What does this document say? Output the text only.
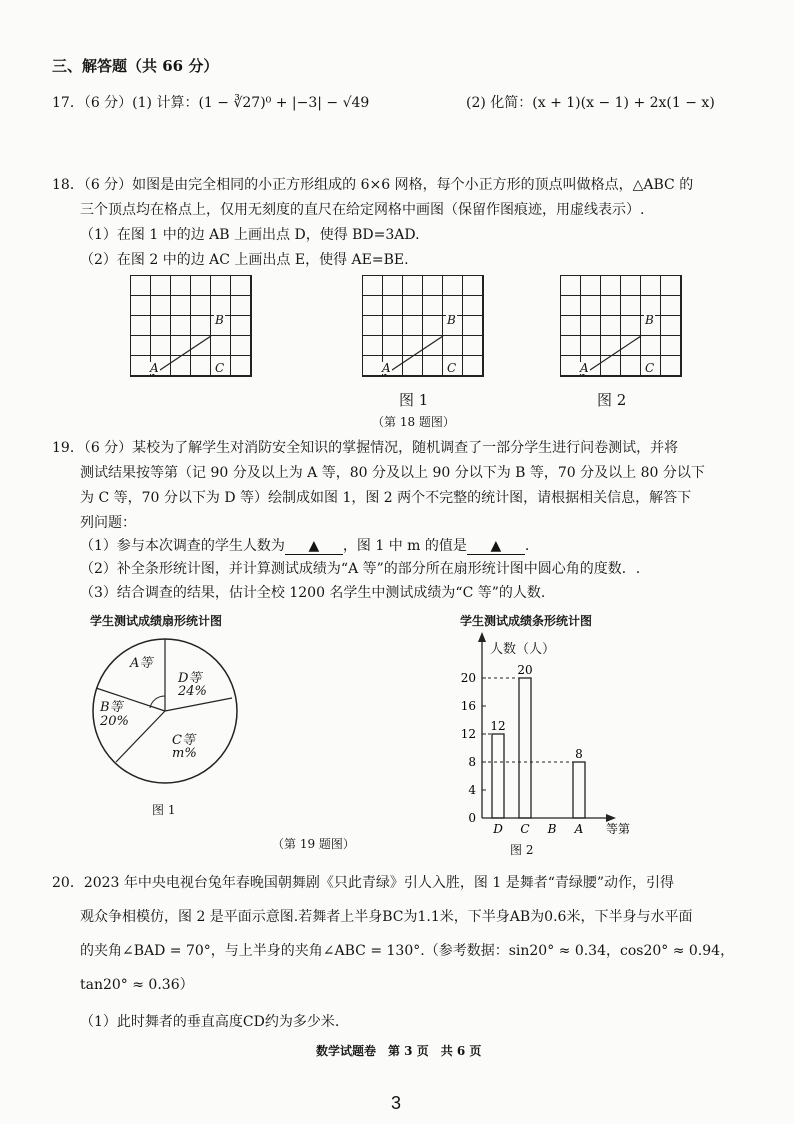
三、解答题（共 66 分）
17．（6 分）(1) 计算：(1 − ∛27)⁰ + |−3| − √49	(2) 化简：(x + 1)(x − 1) + 2x(1 − x)
18．（6 分）如图是由完全相同的小正方形组成的 6×6 网格，每个小正方形的顶点叫做格点，△ABC 的
三个顶点均在格点上，仅用无刻度的直尺在给定网格中画图（保留作图痕迹，用虚线表示）.
（1）在图 1 中的边 AB 上画出点 D，使得 BD=3AD.
（2）在图 2 中的边 AC 上画出点 E，使得 AE=BE.
A	C
B
A	C
B
A	C
B
图 1	图 2
（第 18 题图）
19．（6 分）某校为了解学生对消防安全知识的掌握情况，随机调查了一部分学生进行问卷测试，并将
测试结果按等第（记 90 分及以上为 A 等，80 分及以上 90 分以下为 B 等，70 分及以上 80 分以下
为 C 等，70 分以下为 D 等）绘制成如图 1，图 2 两个不完整的统计图，请根据相关信息，解答下
列问题：
（1）参与本次调查的学生人数为 ▲ ，图 1 中 m 的值是 ▲ .
（2）补全条形统计图，并计算测试成绩为“A 等”的部分所在扇形统计图中圆心角的度数．.
（3）结合调查的结果，估计全校 1200 名学生中测试成绩为“C 等”的人数.
学生测试成绩扇形统计图
A等
D等
24%
B等
20%
C等
m%
图 1
（第 19 题图）
学生测试成绩条形统计图
人数（人）
0
4
8
12
16
20
12
D
20
C B
8
A 等第
图 2
20．2023 年中央电视台兔年春晚国朝舞剧《只此青绿》引人入胜，图 1 是舞者“青绿腰”动作，引得
观众争相模仿，图 2 是平面示意图.若舞者上半身BC为1.1米，下半身AB为0.6米，下半身与水平面
的夹角∠BAD = 70°，与上半身的夹角∠ABC = 130°.（参考数据：sin20° ≈ 0.34，cos20° ≈ 0.94，
tan20° ≈ 0.36）
（1）此时舞者的垂直高度CD约为多少米.
数学试题卷　第 3 页　共 6 页
3
